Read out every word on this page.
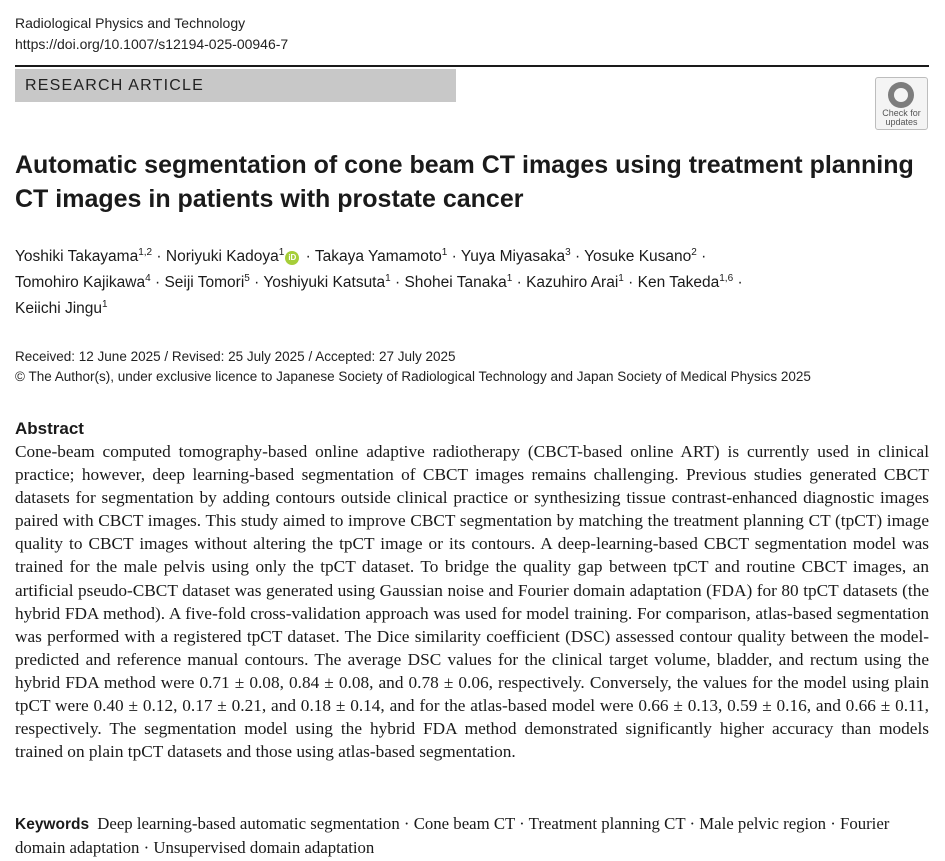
Radiological Physics and Technology
https://doi.org/10.1007/s12194-025-00946-7
RESEARCH ARTICLE
Check for
updates
Automatic segmentation of cone beam CT images using treatment planning CT images in patients with prostate cancer
Yoshiki Takayama$^{1,2}$ · Noriyuki Kadoya$^1$ iD · Takaya Yamamoto$^1$ · Yuya Miyasaka$^3$ · Yosuke Kusano$^2$ ·
Tomohiro Kajikawa$^4$ · Seiji Tomori$^5$ · Yoshiyuki Katsuta$^1$ · Shohei Tanaka$^1$ · Kazuhiro Arai$^1$ · Ken Takeda$^{1,6}$ ·
Keiichi Jingu$^1$
Received: 12 June 2025 / Revised: 25 July 2025 / Accepted: 27 July 2025
© The Author(s), under exclusive licence to Japanese Society of Radiological Technology and Japan Society of Medical Physics 2025
Abstract

Cone-beam computed tomography-based online adaptive radiotherapy (CBCT-based online ART) is currently used in clinical practice; however, deep learning-based segmentation of CBCT images remains challenging. Previous studies generated CBCT datasets for segmentation by adding contours outside clinical practice or synthesizing tissue contrast-enhanced diagnostic images paired with CBCT images. This study aimed to improve CBCT segmentation by matching the treatment planning CT (tpCT) image quality to CBCT images without altering the tpCT image or its contours. A deep-learning-based CBCT segmentation model was trained for the male pelvis using only the tpCT dataset. To bridge the quality gap between tpCT and routine CBCT images, an artificial pseudo-CBCT dataset was generated using Gaussian noise and Fourier domain adaptation (FDA) for 80 tpCT datasets (the hybrid FDA method). A five-fold cross-validation approach was used for model training. For comparison, atlas-based segmentation was performed with a registered tpCT dataset. The Dice similarity coefficient (DSC) assessed contour quality between the model-predicted and reference manual contours. The average DSC values for the clinical target volume, bladder, and rectum using the hybrid FDA method were 0.71 ± 0.08, 0.84 ± 0.08, and 0.78 ± 0.06, respectively. Conversely, the values for the model using plain tpCT were 0.40 ± 0.12, 0.17 ± 0.21, and 0.18 ± 0.14, and for the atlas-based model were 0.66 ± 0.13, 0.59 ± 0.16, and 0.66 ± 0.11, respectively. The segmentation model using the hybrid FDA method demonstrated significantly higher accuracy than models trained on plain tpCT datasets and those using atlas-based segmentation.

Keywords Deep learning-based automatic segmentation · Cone beam CT · Treatment planning CT · Male pelvic region · Fourier domain adaptation · Unsupervised domain adaptation
